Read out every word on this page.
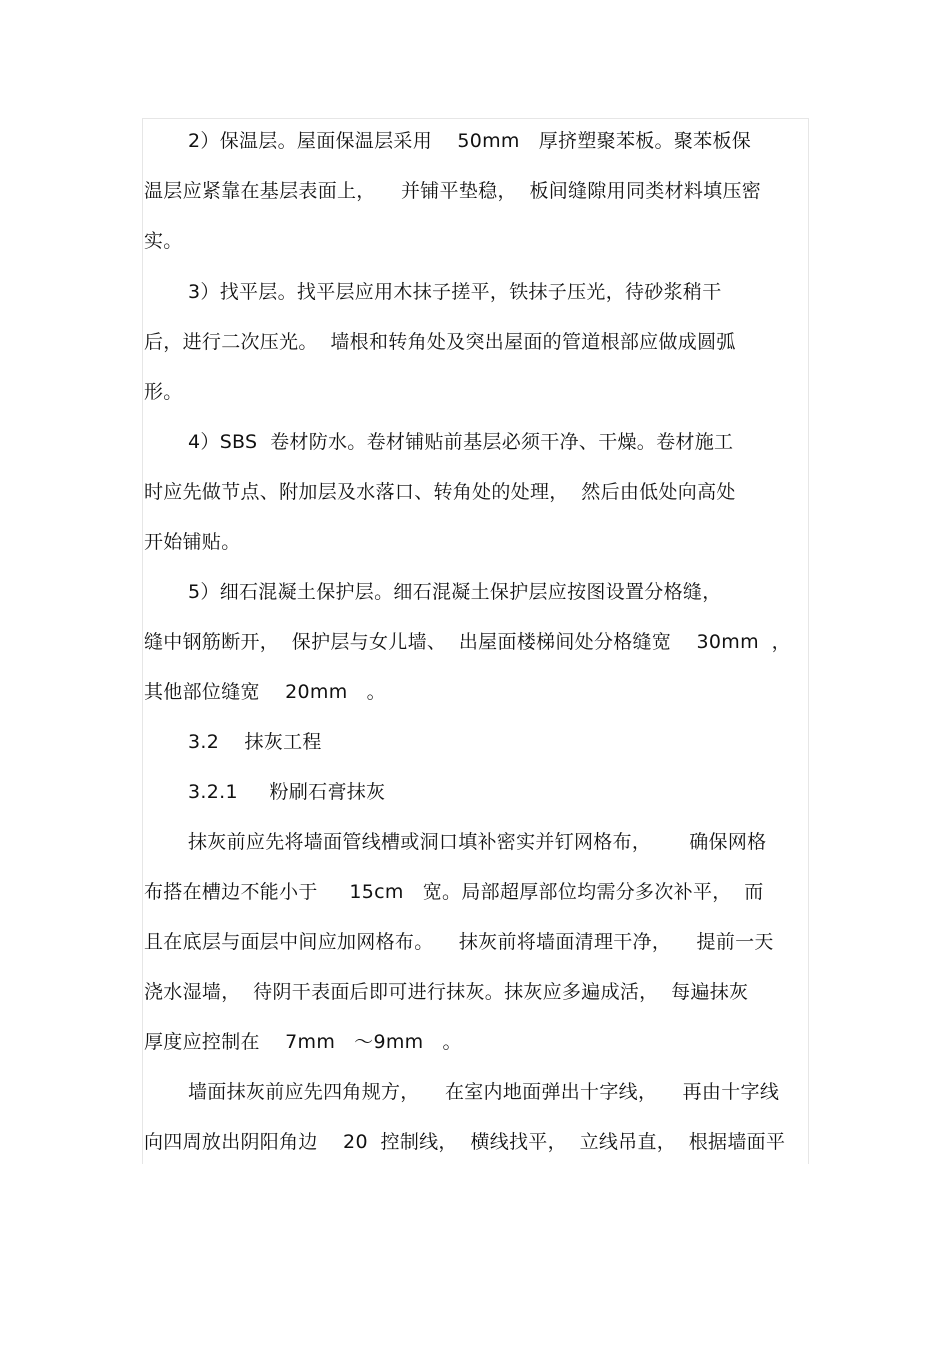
2）保温层。屋面保温层采用    50mm   厚挤塑聚苯板。聚苯板保
温层应紧靠在基层表面上，    并铺平垫稳，  板间缝隙用同类材料填压密
实。
3）找平层。找平层应用木抹子搓平，铁抹子压光，待砂浆稍干
后，进行二次压光。  墙根和转角处及突出屋面的管道根部应做成圆弧
形。
4）SBS  卷材防水。卷材铺贴前基层必须干净、干燥。卷材施工
时应先做节点、附加层及水落口、转角处的处理，  然后由低处向高处
开始铺贴。
5）细石混凝土保护层。细石混凝土保护层应按图设置分格缝，
缝中钢筋断开，  保护层与女儿墙、  出屋面楼梯间处分格缝宽    30mm  ，
其他部位缝宽    20mm   。
3.2    抹灰工程
3.2.1     粉刷石膏抹灰
抹灰前应先将墙面管线槽或洞口填补密实并钉网格布，      确保网格
布搭在槽边不能小于     15cm   宽。局部超厚部位均需分多次补平，  而
且在底层与面层中间应加网格布。    抹灰前将墙面清理干净，    提前一天
浇水湿墙，  待阴干表面后即可进行抹灰。抹灰应多遍成活，  每遍抹灰
厚度应控制在    7mm   ～9mm   。
墙面抹灰前应先四角规方，    在室内地面弹出十字线，    再由十字线
向四周放出阴阳角边    20  控制线，  横线找平，  立线吊直，  根据墙面平
